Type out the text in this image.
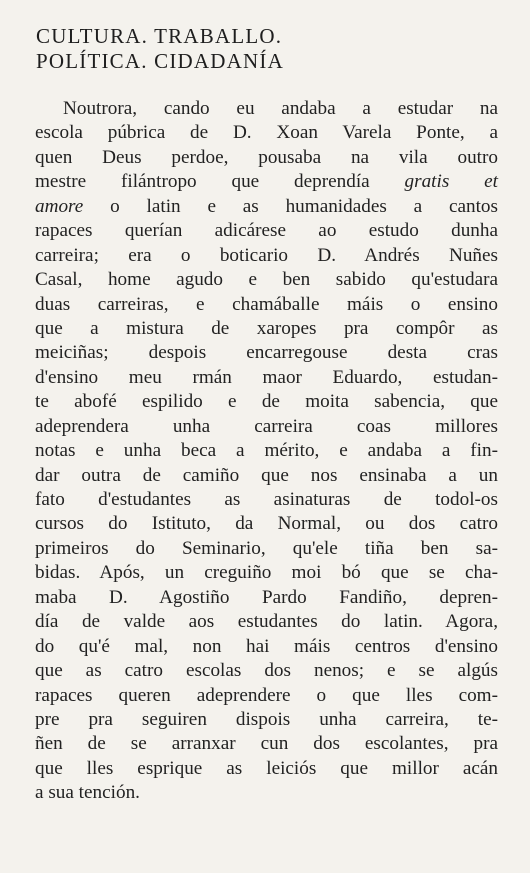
CULTURA. TRABALLO.
POLÍTICA. CIDADANÍA
Noutrora, cando eu andaba a estudar na
escola púbrica de D. Xoan Varela Ponte, a
quen Deus perdoe, pousaba na vila outro
mestre filántropo que deprendía gratis et
amore o latin e as humanidades a cantos
rapaces querían adicárese ao estudo dunha
carreira; era o boticario D. Andrés Nuñes
Casal, home agudo e ben sabido qu'estudara
duas carreiras, e chamáballe máis o ensino
que a mistura de xaropes pra compôr as
meiciñas; despois encarregouse desta cras
d'ensino meu rmán maor Eduardo, estudan-
te abofé espilido e de moita sabencia, que
adeprendera unha carreira coas millores
notas e unha beca a mérito, e andaba a fin-
dar outra de camiño que nos ensinaba a un
fato d'estudantes as asinaturas de todol-os
cursos do Istituto, da Normal, ou dos catro
primeiros do Seminario, qu'ele tiña ben sa-
bidas. Após, un creguiño moi bó que se cha-
maba D. Agostiño Pardo Fandiño, depren-
día de valde aos estudantes do latin. Agora,
do qu'é mal, non hai máis centros d'ensino
que as catro escolas dos nenos; e se algús
rapaces queren adeprendere o que lles com-
pre pra seguiren dispois unha carreira, te-
ñen de se arranxar cun dos escolantes, pra
que lles esprique as leiciós que millor acán
a sua tención.
